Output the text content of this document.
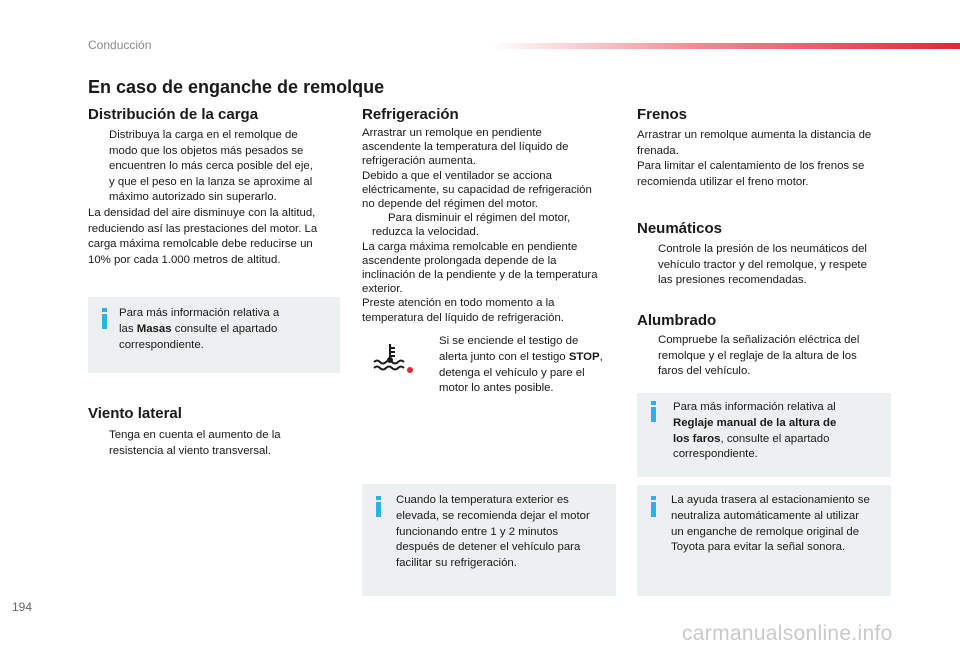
Conducción
En caso de enganche de remolque
Distribución de la carga

Distribuya la carga en el remolque de

modo que los objetos más pesados se

encuentren lo más cerca posible del eje,

y que el peso en la lanza se aproxime al

máximo autorizado sin superarlo.

La densidad del aire disminuye con la altitud,

reduciendo así las prestaciones del motor. La

carga máxima remolcable debe reducirse un

10% por cada 1.000 metros de altitud.

Para más información relativa a

las Masas consulte el apartado

correspondiente.

Viento lateral

Tenga en cuenta el aumento de la

resistencia al viento transversal.

Refrigeración

Arrastrar un remolque en pendiente

ascendente la temperatura del líquido de

refrigeración aumenta.

Debido a que el ventilador se acciona

eléctricamente, su capacidad de refrigeración

no depende del régimen del motor.

Para disminuir el régimen del motor,

reduzca la velocidad.

La carga máxima remolcable en pendiente

ascendente prolongada depende de la

inclinación de la pendiente y de la temperatura

exterior.

Preste atención en todo momento a la

temperatura del líquido de refrigeración.

Si se enciende el testigo de

alerta junto con el testigo STOP,

detenga el vehículo y pare el

motor lo antes posible.

Cuando la temperatura exterior es

elevada, se recomienda dejar el motor

funcionando entre 1 y 2 minutos

después de detener el vehículo para

facilitar su refrigeración.

Frenos

Arrastrar un remolque aumenta la distancia de

frenada.

Para limitar el calentamiento de los frenos se

recomienda utilizar el freno motor.

Neumáticos

Controle la presión de los neumáticos del

vehículo tractor y del remolque, y respete

las presiones recomendadas.

Alumbrado

Compruebe la señalización eléctrica del

remolque y el reglaje de la altura de los

faros del vehículo.

Para más información relativa al

Reglaje manual de la altura de

los faros, consulte el apartado

correspondiente.

La ayuda trasera al estacionamiento se

neutraliza automáticamente al utilizar

un enganche de remolque original de

Toyota para evitar la señal sonora.

194
carmanualsonline.info
